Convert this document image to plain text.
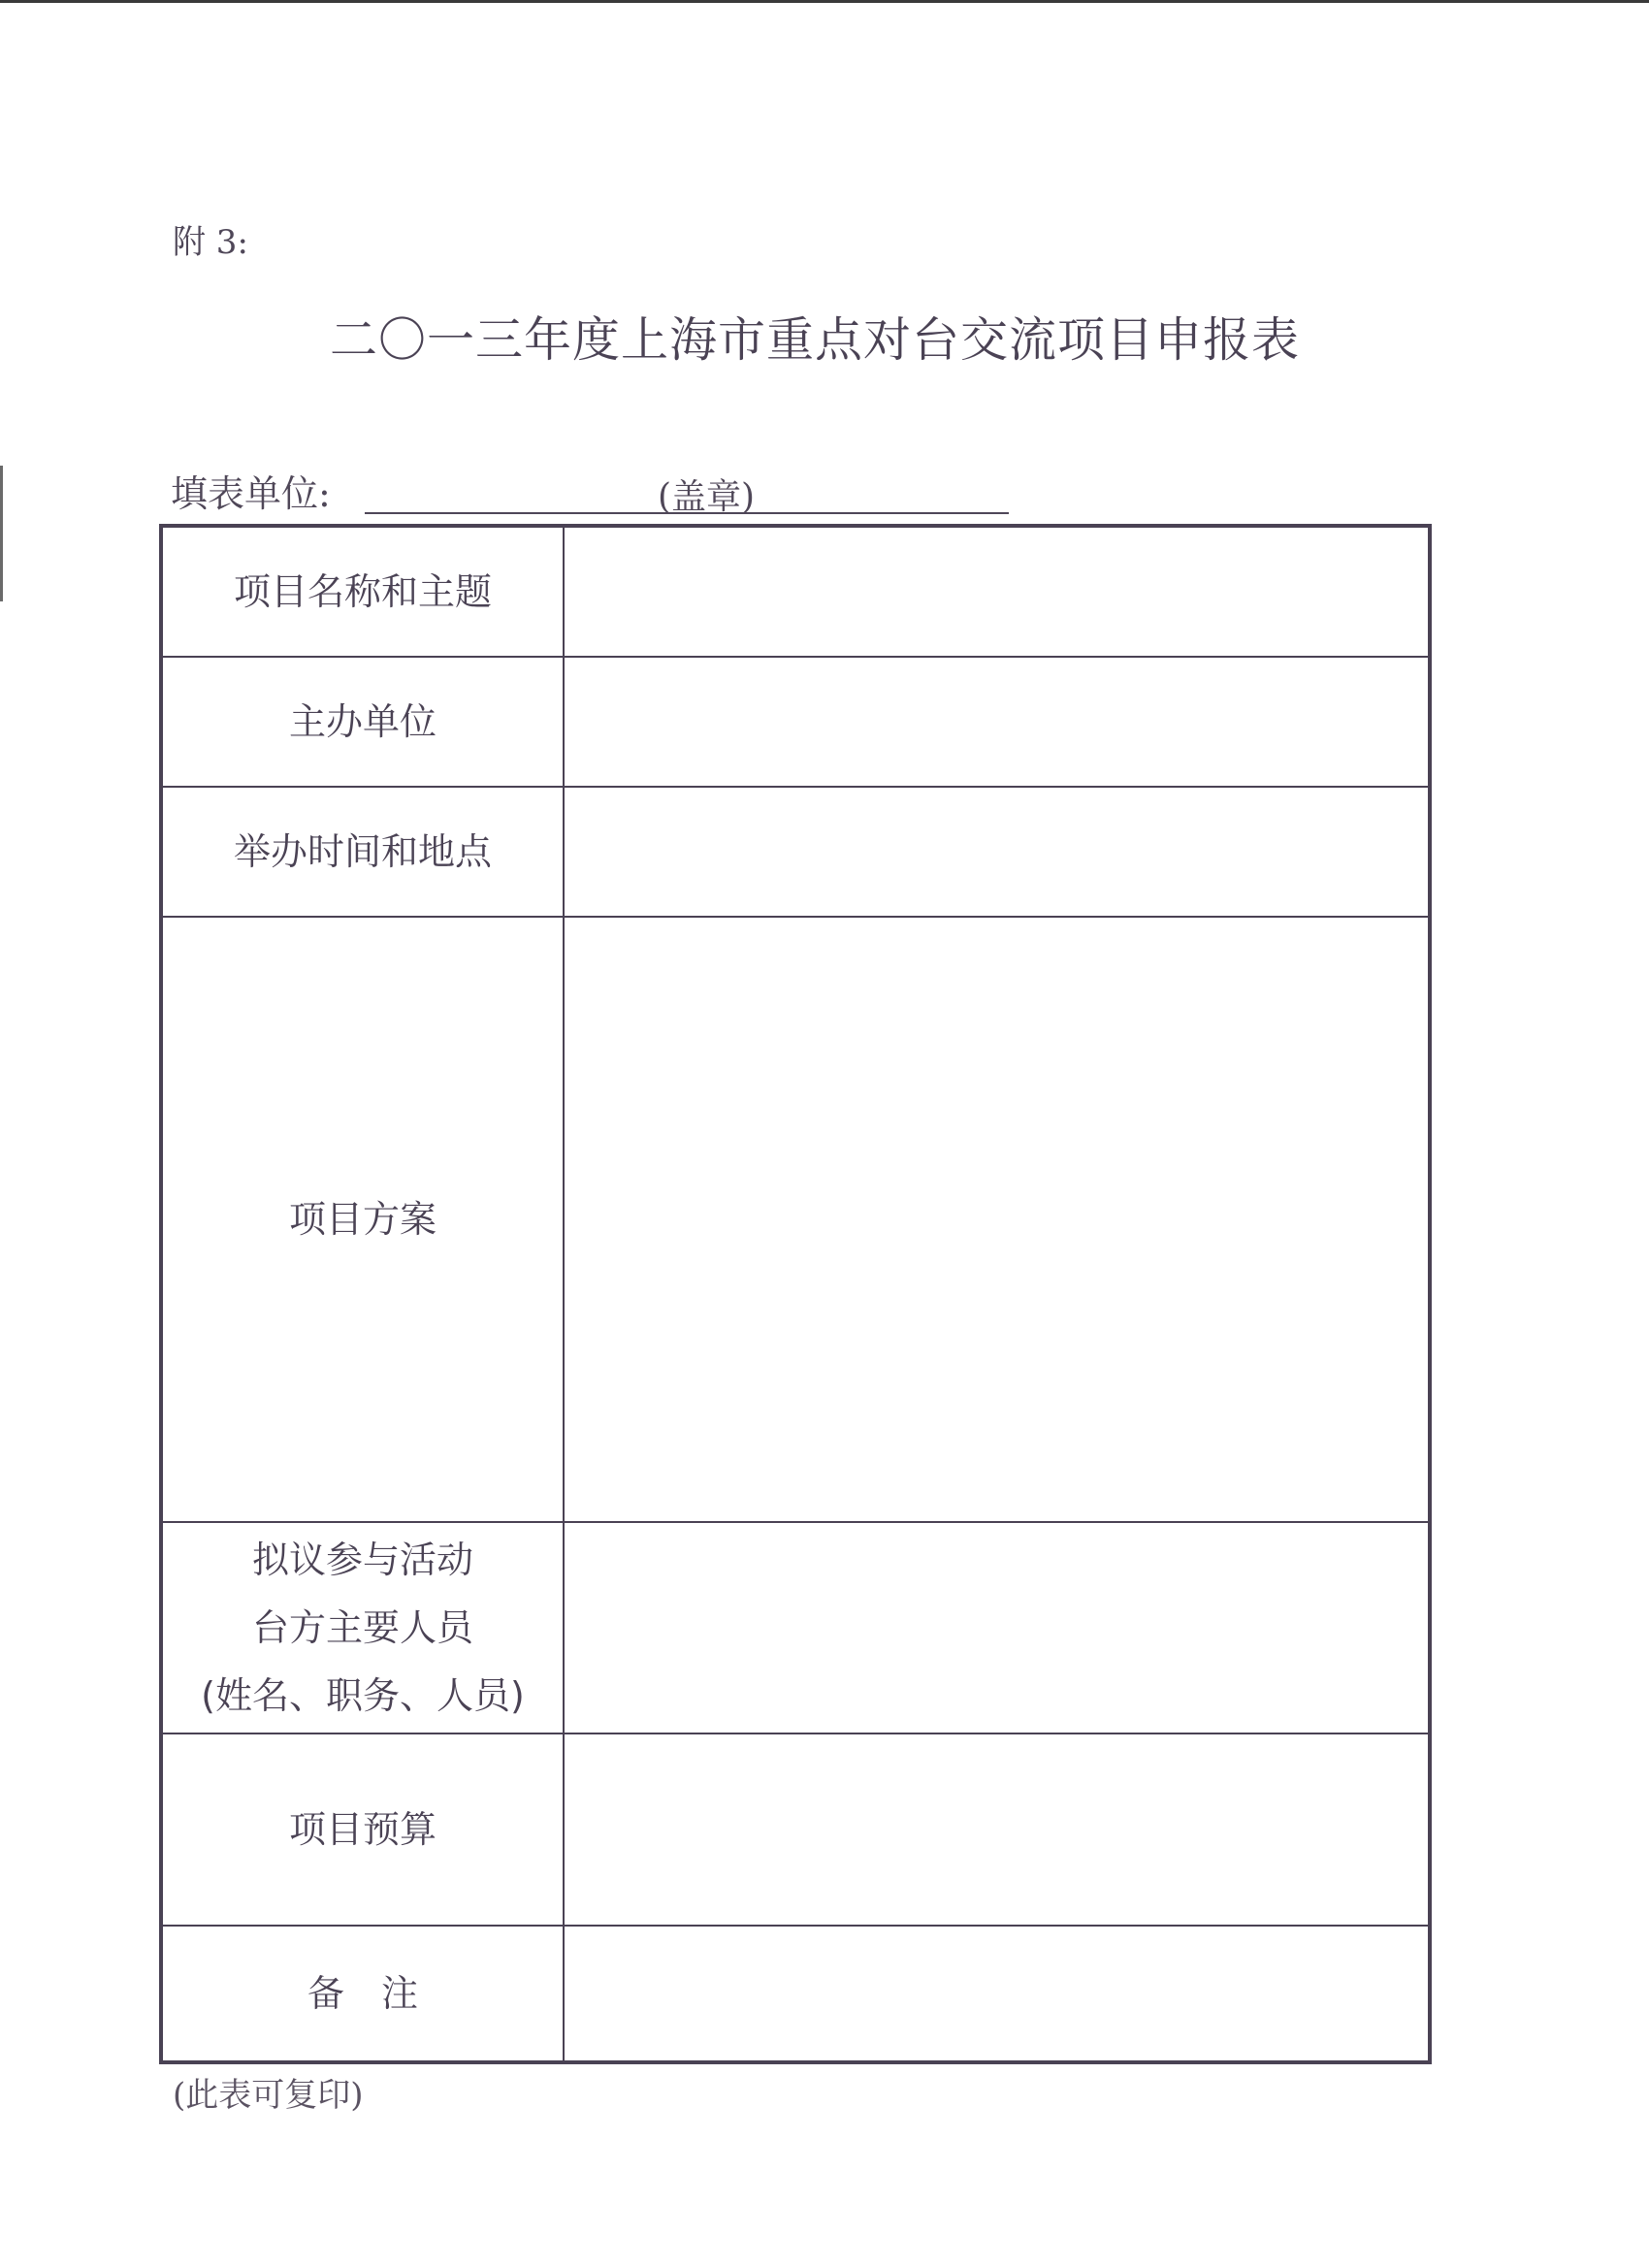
附 3:
二〇一三年度上海市重点对台交流项目申报表
填表单位:	(盖章)
项目名称和主题
主办单位
举办时间和地点
项目方案
拟议参与活动
台方主要人员
(姓名、职务、人员)
项目预算
备　注
(此表可复印)
